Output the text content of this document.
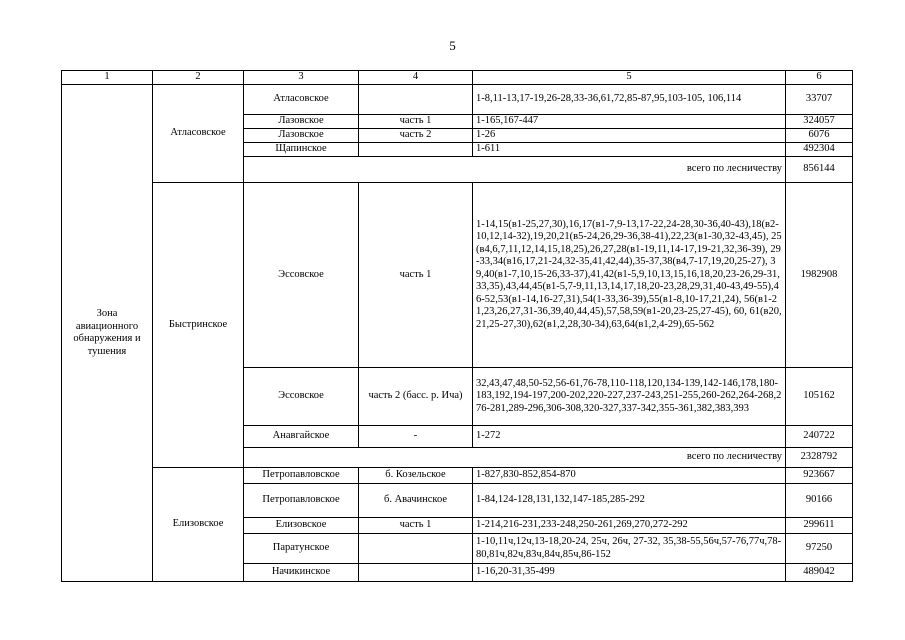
5
1	2	3	4	5	6
Зона авиационного обнаружения и тушения	Атласовское	Атласовское		1-8,11-13,17-19,26-28,33-36,61,72,85-87,95,103-105, 106,114	33707
		Лазовское	часть 1	1-165,167-447	324057
		Лазовское	часть 2	1-26	6076
		Щапинское		1-611	492304
		всего по лесничеству			856144
	Быстринское	Эссовское	часть 1	1-14,15(в1-25,27,30),16,17(в1-7,9-13,17-22,24-28,30-36,40-43),18(в2-10,12,14-32),19,20,21(в5-24,26,29-36,38-41),22,23(в1-30,32-43,45), 25(в4,6,7,11,12,14,15,18,25),26,27,28(в1-19,11,14-17,19-21,32,36-39), 29-33,34(в16,17,21-24,32-35,41,42,44),35-37,38(в4,7-17,19,20,25-27), 39,40(в1-7,10,15-26,33-37),41,42(в1-5,9,10,13,15,16,18,20,23-26,29-31,33,35),43,44,45(в1-5,7-9,11,13,14,17,18,20-23,28,29,31,40-43,49-55),46-52,53(в1-14,16-27,31),54(1-33,36-39),55(в1-8,10-17,21,24), 56(в1-21,23,26,27,31-36,39,40,44,45),57,58,59(в1-20,23-25,27-45), 60, 61(в20,21,25-27,30),62(в1,2,28,30-34),63,64(в1,2,4-29),65-562	1982908
		Эссовское	часть 2 (басс. р. Ича)	32,43,47,48,50-52,56-61,76-78,110-118,120,134-139,142-146,178,180-183,192,194-197,200-202,220-227,237-243,251-255,260-262,264-268,276-281,289-296,306-308,320-327,337-342,355-361,382,383,393	105162
		Анавгайское	-	1-272	240722
		всего по лесничеству			2328792
	Елизовское	Петропавловское	б. Козельское	1-827,830-852,854-870	923667
		Петропавловское	б. Авачинское	1-84,124-128,131,132,147-185,285-292	90166
		Елизовское	часть 1	1-214,216-231,233-248,250-261,269,270,272-292	299611
		Паратунское		1-10,11ч,12ч,13-18,20-24, 25ч, 26ч, 27-32, 35,38-55,56ч,57-76,77ч,78-80,81ч,82ч,83ч,84ч,85ч,86-152	97250
		Начикинское		1-16,20-31,35-499	489042
